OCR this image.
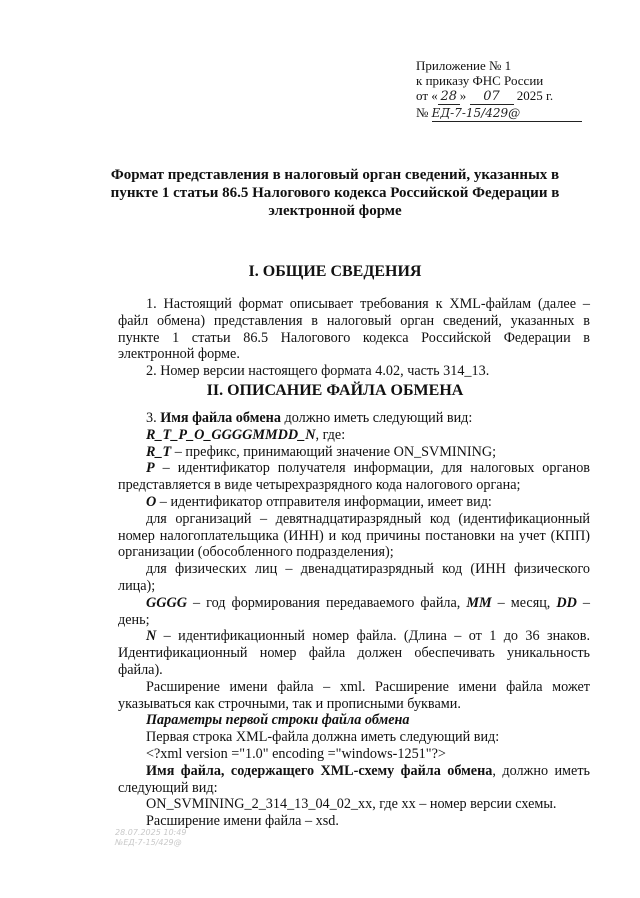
Приложение № 1
к приказу ФНС России
от « 28 » 07 2025 г.
№ ЕД-7-15/429@
Формат представления в налоговый орган сведений, указанных в пункте 1 статьи 86.5 Налогового кодекса Российской Федерации в электронной форме
I. ОБЩИЕ СВЕДЕНИЯ

1. Настоящий формат описывает требования к XML-файлам (далее – файл обмена) представления в налоговый орган сведений, указанных в пункте 1 статьи 86.5 Налогового кодекса Российской Федерации в электронной форме.

2. Номер версии настоящего формата 4.02, часть 314_13.

II. ОПИСАНИЕ ФАЙЛА ОБМЕНА

3. Имя файла обмена должно иметь следующий вид:

R_T_P_O_GGGGMMDD_N, где:

R_T – префикс, принимающий значение ON_SVMINING;

P – идентификатор получателя информации, для налоговых органов представляется в виде четырехразрядного кода налогового органа;

O – идентификатор отправителя информации, имеет вид:

для организаций – девятнадцатиразрядный код (идентификационный номер налогоплательщика (ИНН) и код причины постановки на учет (КПП) организации (обособленного подразделения);

для физических лиц – двенадцатиразрядный код (ИНН физического лица);

GGGG – год формирования передаваемого файла, MM – месяц, DD – день;

N – идентификационный номер файла. (Длина – от 1 до 36 знаков. Идентификационный номер файла должен обеспечивать уникальность файла).

Расширение имени файла – xml. Расширение имени файла может указываться как строчными, так и прописными буквами.

Параметры первой строки файла обмена

Первая строка XML-файла должна иметь следующий вид:

<?xml version ="1.0" encoding ="windows-1251"?>

Имя файла, содержащего XML-схему файла обмена, должно иметь следующий вид:

ON_SVMINING_2_314_13_04_02_xx, где xx – номер версии схемы.

Расширение имени файла – xsd.

28.07.2025 10:49
№ЕД-7-15/429@
